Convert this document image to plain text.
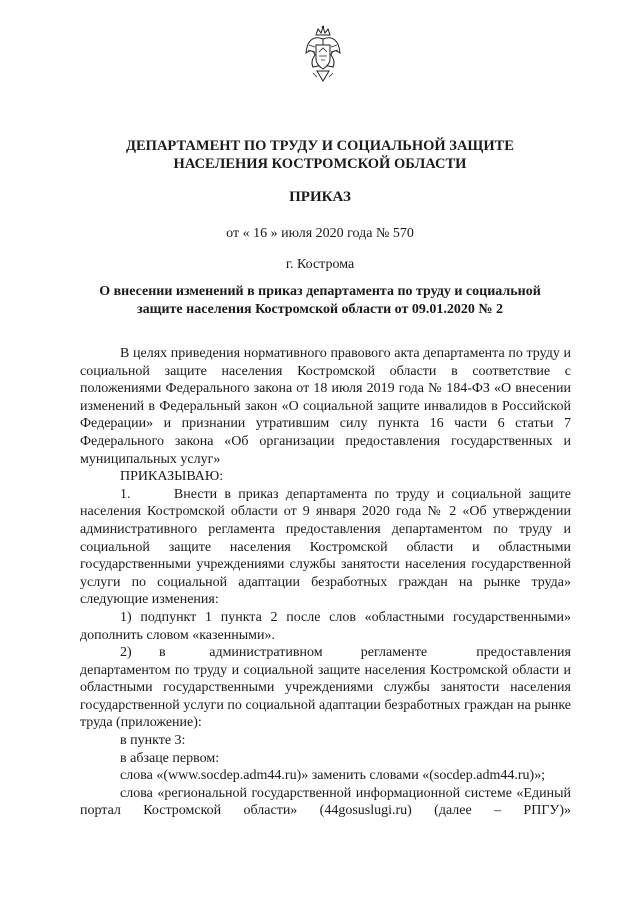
ДЕПАРТАМЕНТ ПО ТРУДУ И СОЦИАЛЬНОЙ ЗАЩИТЕ
НАСЕЛЕНИЯ КОСТРОМСКОЙ ОБЛАСТИ
ПРИКАЗ
от « 16 » июля 2020 года № 570
г. Кострома
О внесении изменений в приказ департамента по труду и социальной
защите населения Костромской области от 09.01.2020 № 2

В целях приведения нормативного правового акта департамента по труду и социальной защите населения Костромской области в соответствие с положениями Федерального закона от 18 июля 2019 года № 184-ФЗ «О внесении изменений в Федеральный закон «О социальной защите инвалидов в Российской Федерации» и признании утратившим силу пункта 16 части 6 статьи 7 Федерального закона «Об организации предоставления государственных и муниципальных услуг»

ПРИКАЗЫВАЮ:

1.      Внести в приказ департамента по труду и социальной защите населения Костромской области от 9 января 2020 года № 2 «Об утверждении административного регламента предоставления департаментом по труду и социальной защите населения Костромской области и областными государственными учреждениями службы занятости населения государственной услуги по социальной адаптации безработных граждан на рынке труда» следующие изменения:

1) подпункт 1 пункта 2 после слов «областными государственными» дополнить словом «казенными».

2)     в        административном       регламенте         предоставления департаментом по труду и социальной защите населения Костромской области и областными государственными учреждениями службы занятости населения государственной услуги по социальной адаптации безработных граждан на рынке труда (приложение):

в пункте 3:

в абзаце первом:

слова «(www.socdep.adm44.ru)» заменить словами «(socdep.adm44.ru)»;

слова «региональной государственной информационной системе «Единый портал Костромской области» (44gosuslugi.ru) (далее – РПГУ)»
